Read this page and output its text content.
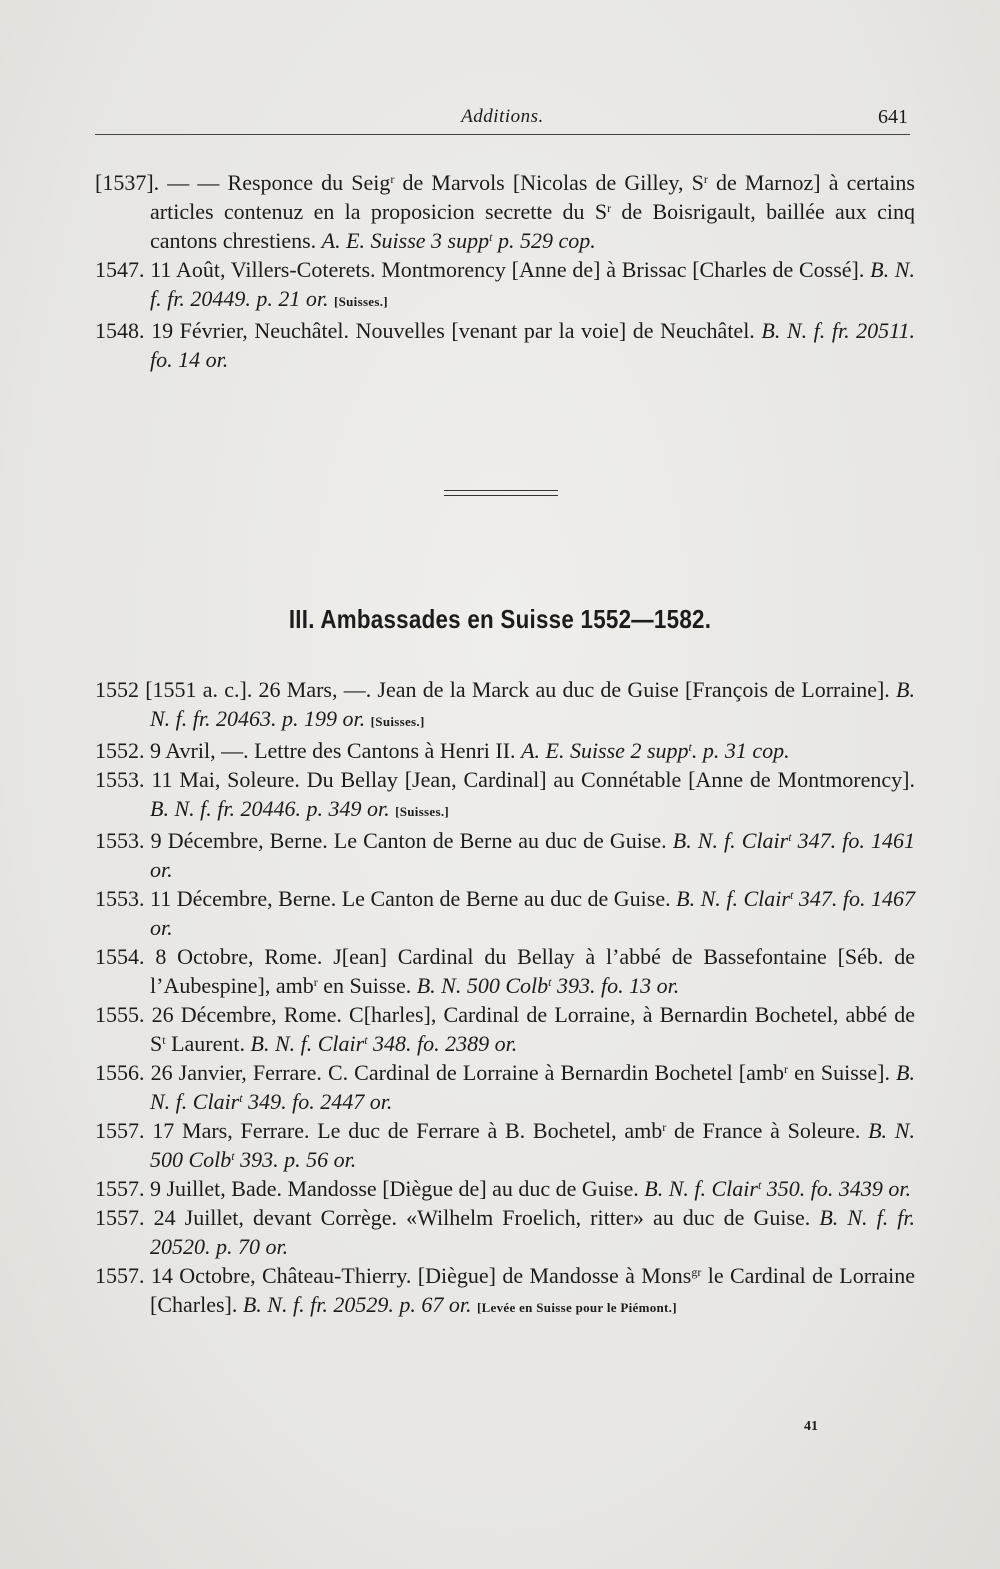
Additions.	641

[1537]. — — Responce du Seig$^r$ de Marvols [Nicolas de Gilley, $S^r$ de Marnoz] à certains articles contenuz en la proposicion secrette du $S^r$ de Boisrigault, baillée aux cinq cantons chrestiens. A. E. Suisse 3 supp$^t$ p. 529 cop.

1547. 11 Août, Villers-Coterets. Montmorency [Anne de] à Brissac [Charles de Cossé]. B. N. f. fr. 20449. p. 21 or. [Suisses.]

1548. 19 Février, Neuchâtel. Nouvelles [venant par la voie] de Neuchâtel. B. N. f. fr. 20511. fo. 14 or.

III. Ambassades en Suisse 1552—1582.

1552 [1551 a. c.]. 26 Mars, —. Jean de la Marck au duc de Guise [François de Lorraine]. B. N. f. fr. 20463. p. 199 or. [Suisses.]

1552. 9 Avril, —. Lettre des Cantons à Henri II. A. E. Suisse 2 supp$^t$. p. 31 cop.

1553. 11 Mai, Soleure. Du Bellay [Jean, Cardinal] au Connétable [Anne de Montmorency]. B. N. f. fr. 20446. p. 349 or. [Suisses.]

1553. 9 Décembre, Berne. Le Canton de Berne au duc de Guise. B. N. f. Clair$^t$ 347. fo. 1461 or.

1553. 11 Décembre, Berne. Le Canton de Berne au duc de Guise. B. N. f. Clair$^t$ 347. fo. 1467 or.

1554. 8 Octobre, Rome. J[ean] Cardinal du Bellay à l’abbé de Bassefontaine [Séb. de l’Aubespine], amb$^r$ en Suisse. B. N. 500 Colb$^t$ 393. fo. 13 or.

1555. 26 Décembre, Rome. C[harles], Cardinal de Lorraine, à Bernardin Bochetel, abbé de $S^t$ Laurent. B. N. f. Clair$^t$ 348. fo. 2389 or.

1556. 26 Janvier, Ferrare. C. Cardinal de Lorraine à Bernardin Bochetel [amb$^r$ en Suisse]. B. N. f. Clair$^t$ 349. fo. 2447 or.

1557. 17 Mars, Ferrare. Le duc de Ferrare à B. Bochetel, amb$^r$ de France à Soleure. B. N. 500 Colb$^t$ 393. p. 56 or.

1557. 9 Juillet, Bade. Mandosse [Diègue de] au duc de Guise. B. N. f. Clair$^t$ 350. fo. 3439 or.

1557. 24 Juillet, devant Corrège. «Wilhelm Froelich, ritter» au duc de Guise. B. N. f. fr. 20520. p. 70 or.

1557. 14 Octobre, Château-Thierry. [Diègue] de Mandosse à Mons$^{gr}$ le Cardinal de Lorraine [Charles]. B. N. f. fr. 20529. p. 67 or. [Levée en Suisse pour le Piémont.]

41
